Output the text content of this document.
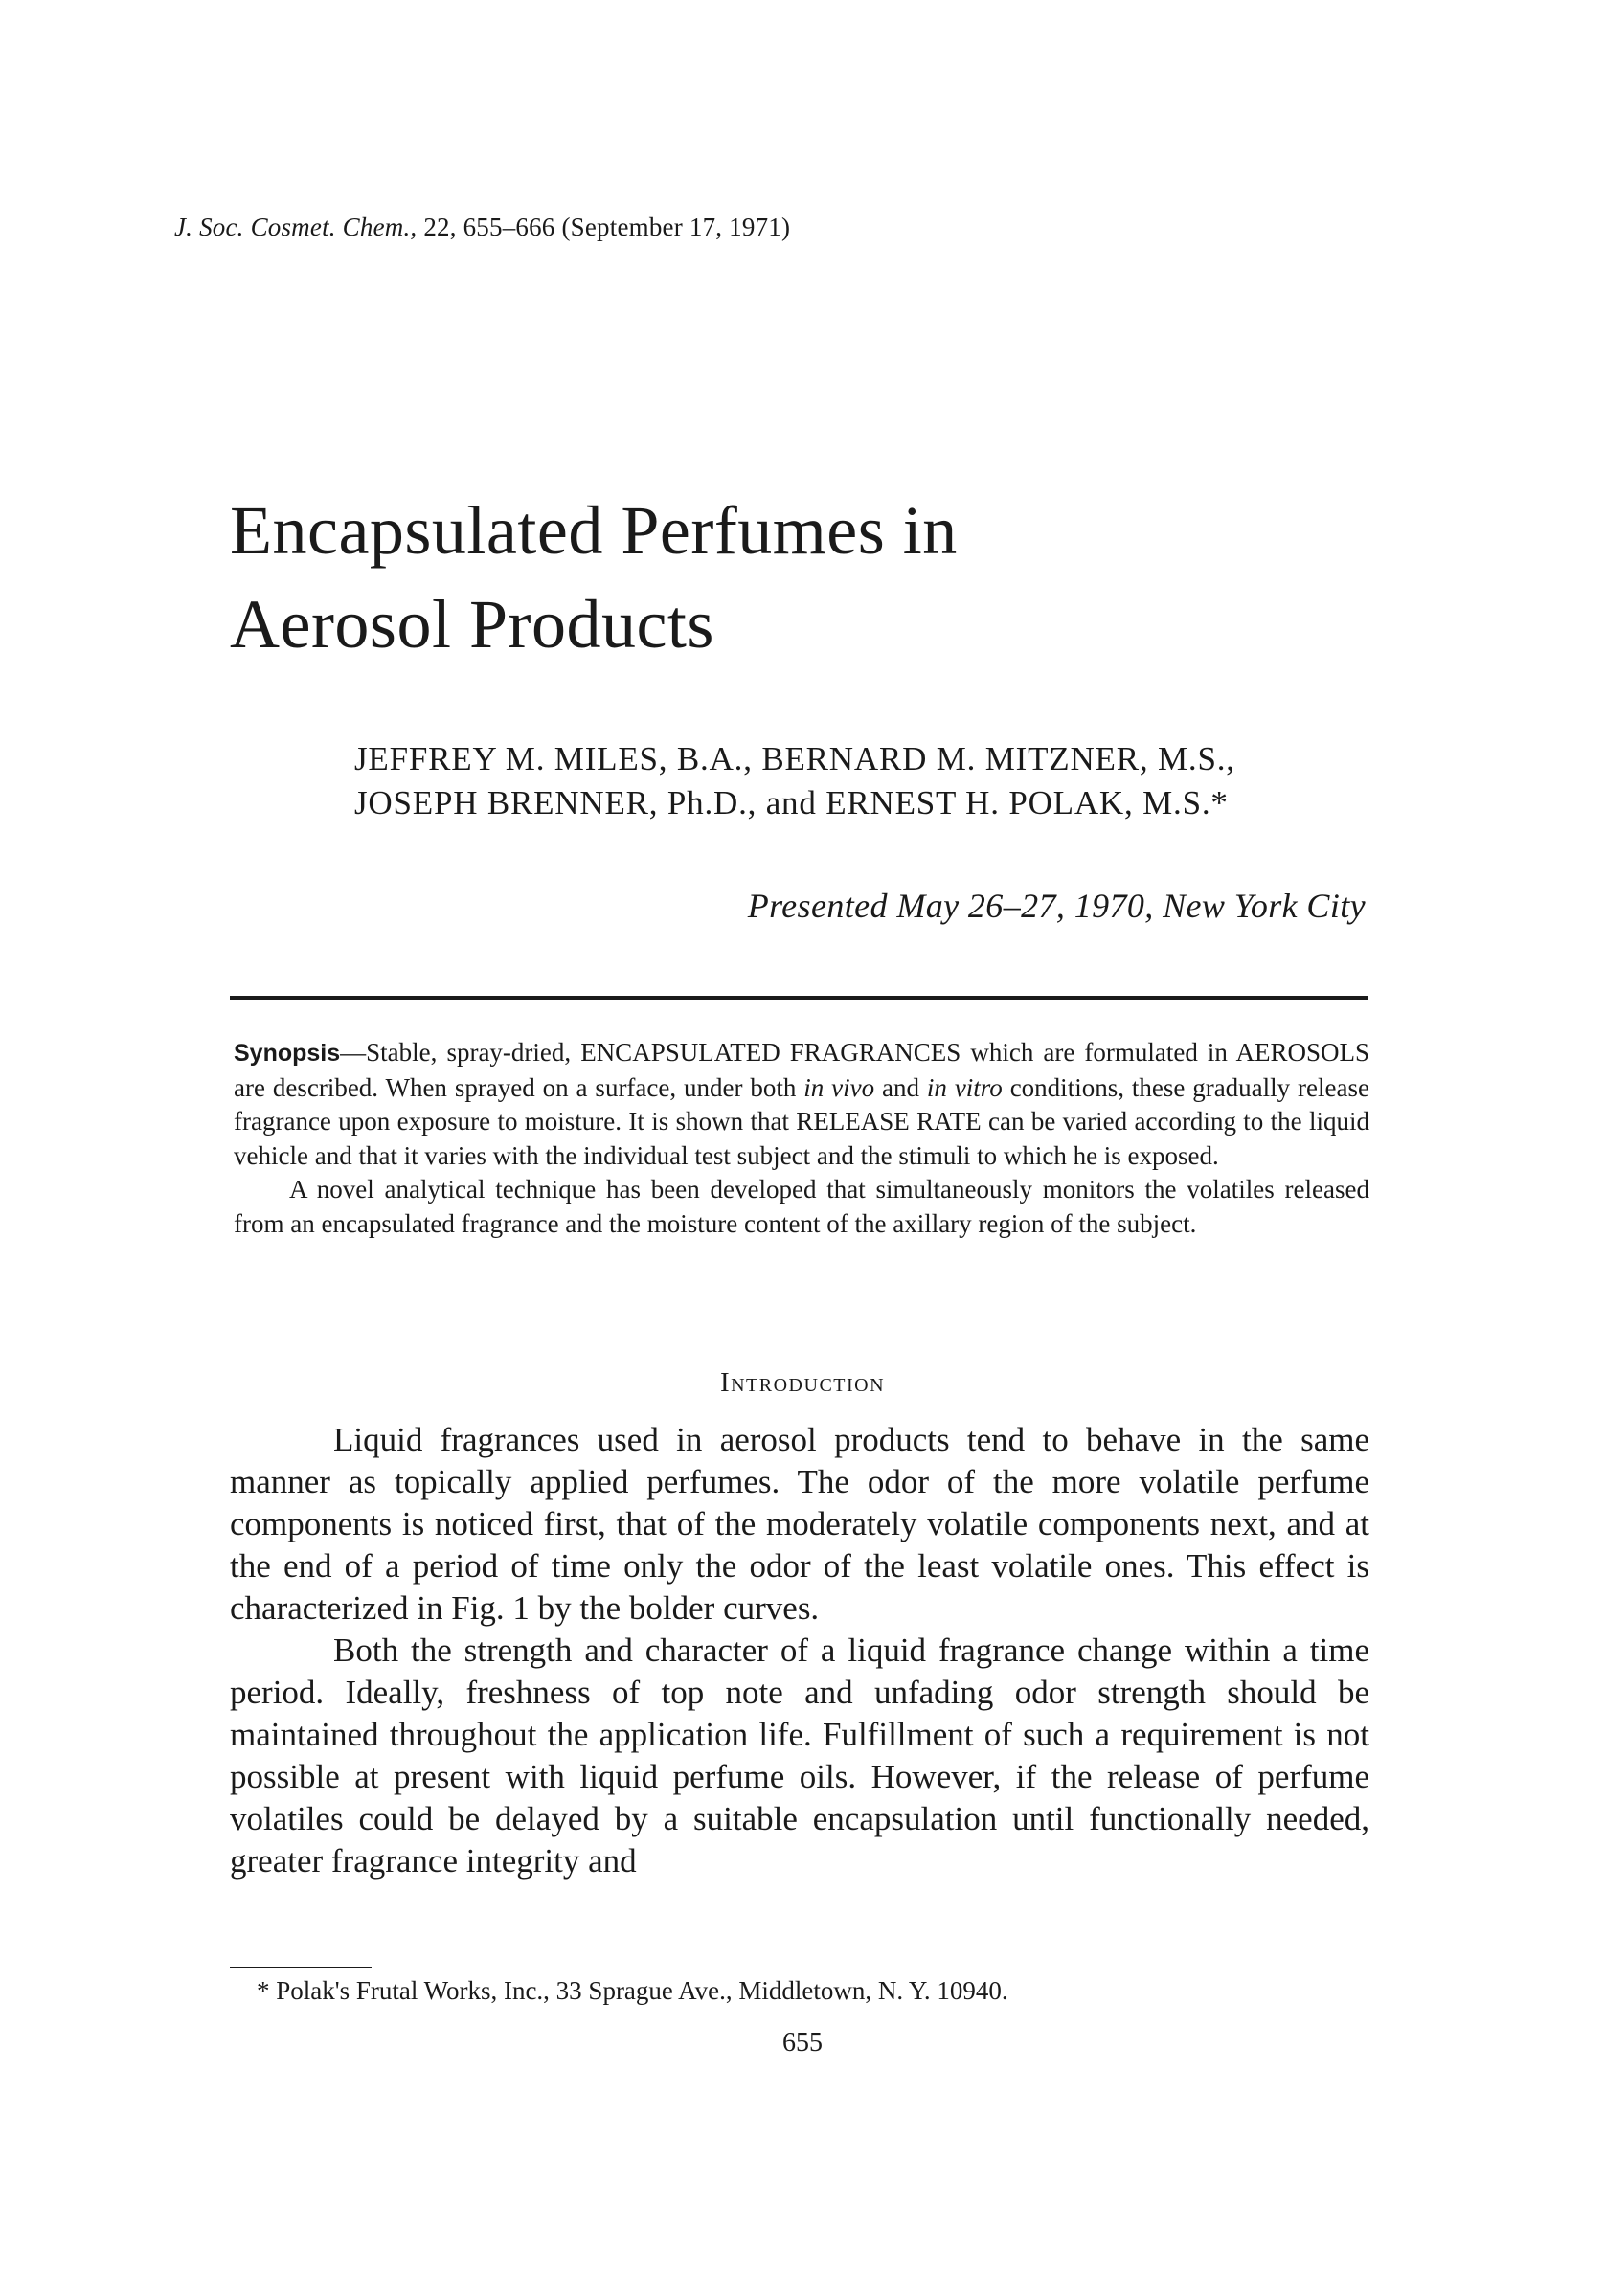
J. Soc. Cosmet. Chem., 22, 655–666 (September 17, 1971)
Encapsulated Perfumes in
Aerosol Products
JEFFREY M. MILES, B.A., BERNARD M. MITZNER, M.S.,
JOSEPH BRENNER, Ph.D., and ERNEST H. POLAK, M.S.*
Presented May 26–27, 1970, New York City

Synopsis—Stable, spray-dried, ENCAPSULATED FRAGRANCES which are formulated in AEROSOLS are described. When sprayed on a surface, under both in vivo and in vitro conditions, these gradually release fragrance upon exposure to moisture. It is shown that RELEASE RATE can be varied according to the liquid vehicle and that it varies with the individual test subject and the stimuli to which he is exposed.

A novel analytical technique has been developed that simultaneously monitors the volatiles released from an encapsulated fragrance and the moisture content of the axillary region of the subject.

Introduction

Liquid fragrances used in aerosol products tend to behave in the same manner as topically applied perfumes. The odor of the more volatile perfume components is noticed first, that of the moderately volatile components next, and at the end of a period of time only the odor of the least volatile ones. This effect is characterized in Fig. 1 by the bolder curves.

Both the strength and character of a liquid fragrance change within a time period. Ideally, freshness of top note and unfading odor strength should be maintained throughout the application life. Fulfillment of such a requirement is not possible at present with liquid perfume oils. However, if the release of perfume volatiles could be delayed by a suitable encapsulation until functionally needed, greater fragrance integrity and

* Polak's Frutal Works, Inc., 33 Sprague Ave., Middletown, N. Y. 10940.
655
